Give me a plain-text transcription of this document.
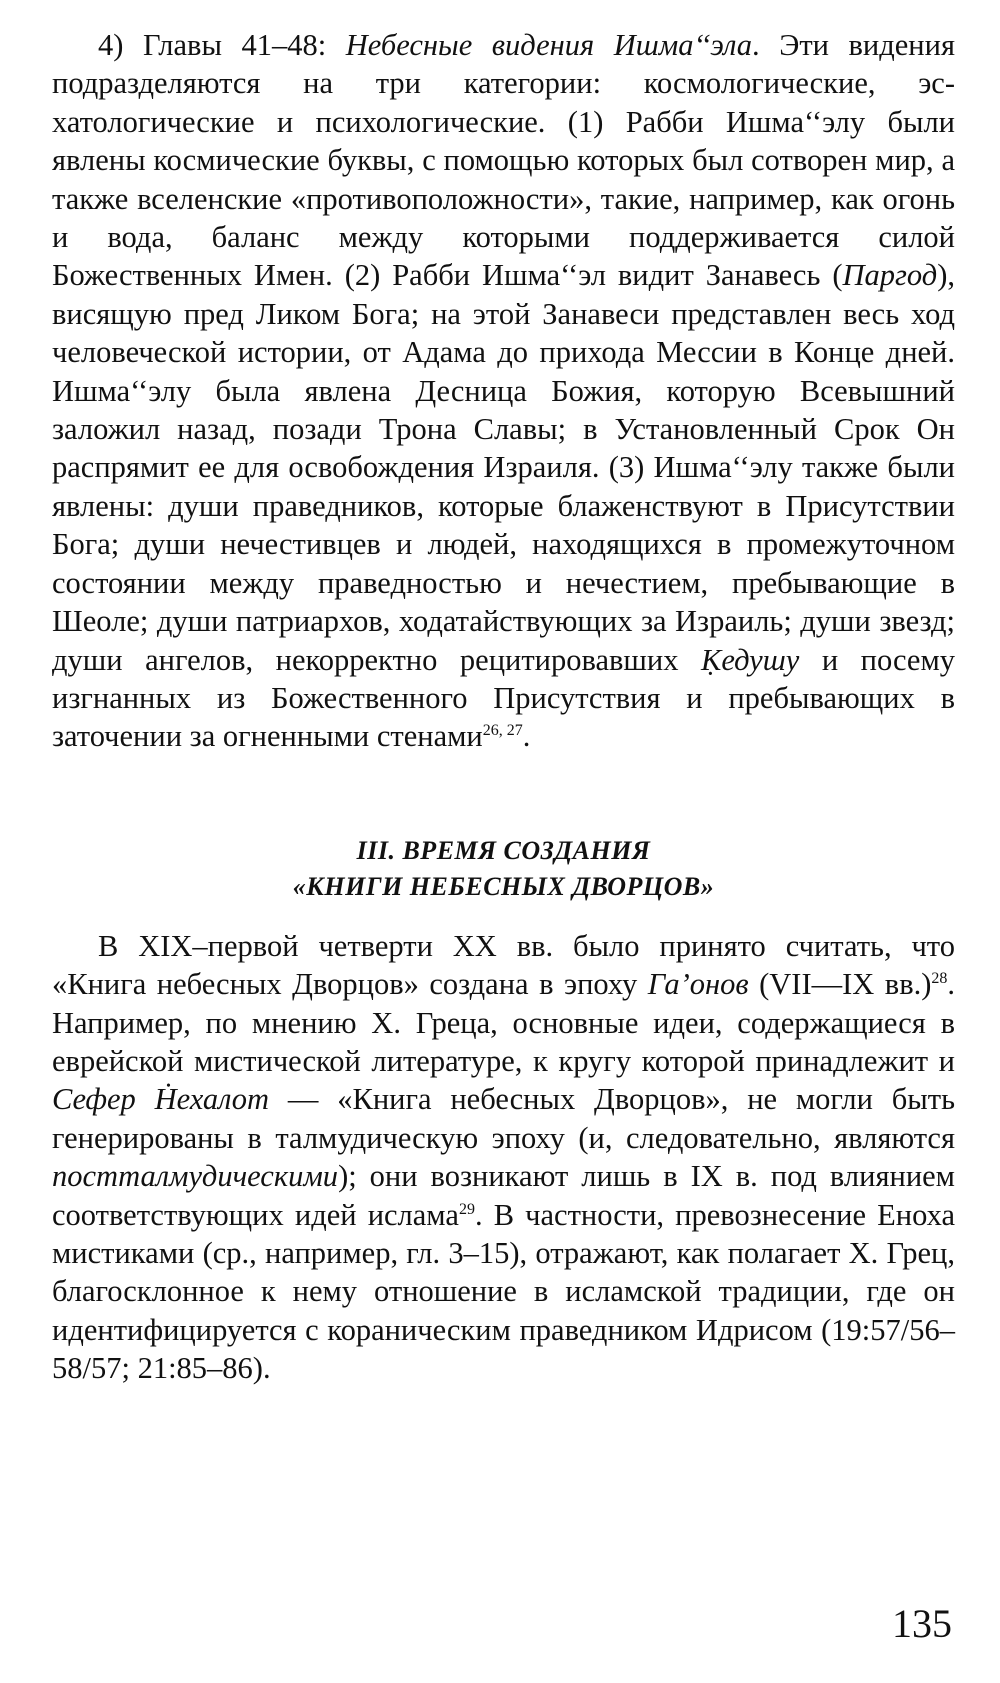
4) Главы 41–48: Небесные видения Ишма‘‘эла. Эти видения подразделяются на три категории: космологические, эсхатологические и психологические. (1) Рабби Ишма‘‘элу были явлены космические буквы, с помощью которых был сотворен мир, а также вселенские «противоположности», такие, например, как огонь и вода, баланс между которыми поддерживается силой Божественных Имен. (2) Рабби Ишма‘‘эл видит Занавесь (Паргод), висящую пред Ликом Бога; на этой Занавеси представлен весь ход человеческой истории, от Адама до прихода Мессии в Конце дней. Ишма‘‘элу была явлена Десница Божия, которую Всевышний заложил назад, позади Трона Славы; в Установленный Срок Он распрямит ее для освобождения Израиля. (3) Ишма‘‘элу также были явлены: души праведников, которые блаженствуют в Присутствии Бога; души нечестивцев и людей, находящихся в промежуточном состоянии между праведностью и нечестием, пребывающие в Шеоле; души патриархов, ходатайствующих за Израиль; души звезд; души ангелов, некорректно рецитировавших Ḳедушу и посему изгнанных из Божественного Присутствия и пребывающих в заточении за огненными стенами$^{26, 27}$.

III. ВРЕМЯ СОЗДАНИЯ
«КНИГИ НЕБЕСНЫХ ДВОРЦОВ»

В XIX–первой четверти XX вв. было принято считать, что «Книга небесных Дворцов» создана в эпоху Га’онов (VII—IX вв.)$^{28}$. Например, по мнению Х. Греца, основные идеи, содержащиеся в еврейской мистической литературе, к кругу которой принадлежит и Сефер Ḣехалот — «Книга небесных Дворцов», не могли быть генерированы в талмудическую эпоху (и, следовательно, являются постталмудическими); они возникают лишь в IX в. под влиянием соответствующих идей ислама$^{29}$. В частности, превознесение Еноха мистиками (ср., например, гл. 3–15), отражают, как полагает Х. Грец, благосклонное к нему отношение в исламской традиции, где он идентифицируется с кораническим праведником Идрисом (19:57/56–58/57; 21:85–86).

135
